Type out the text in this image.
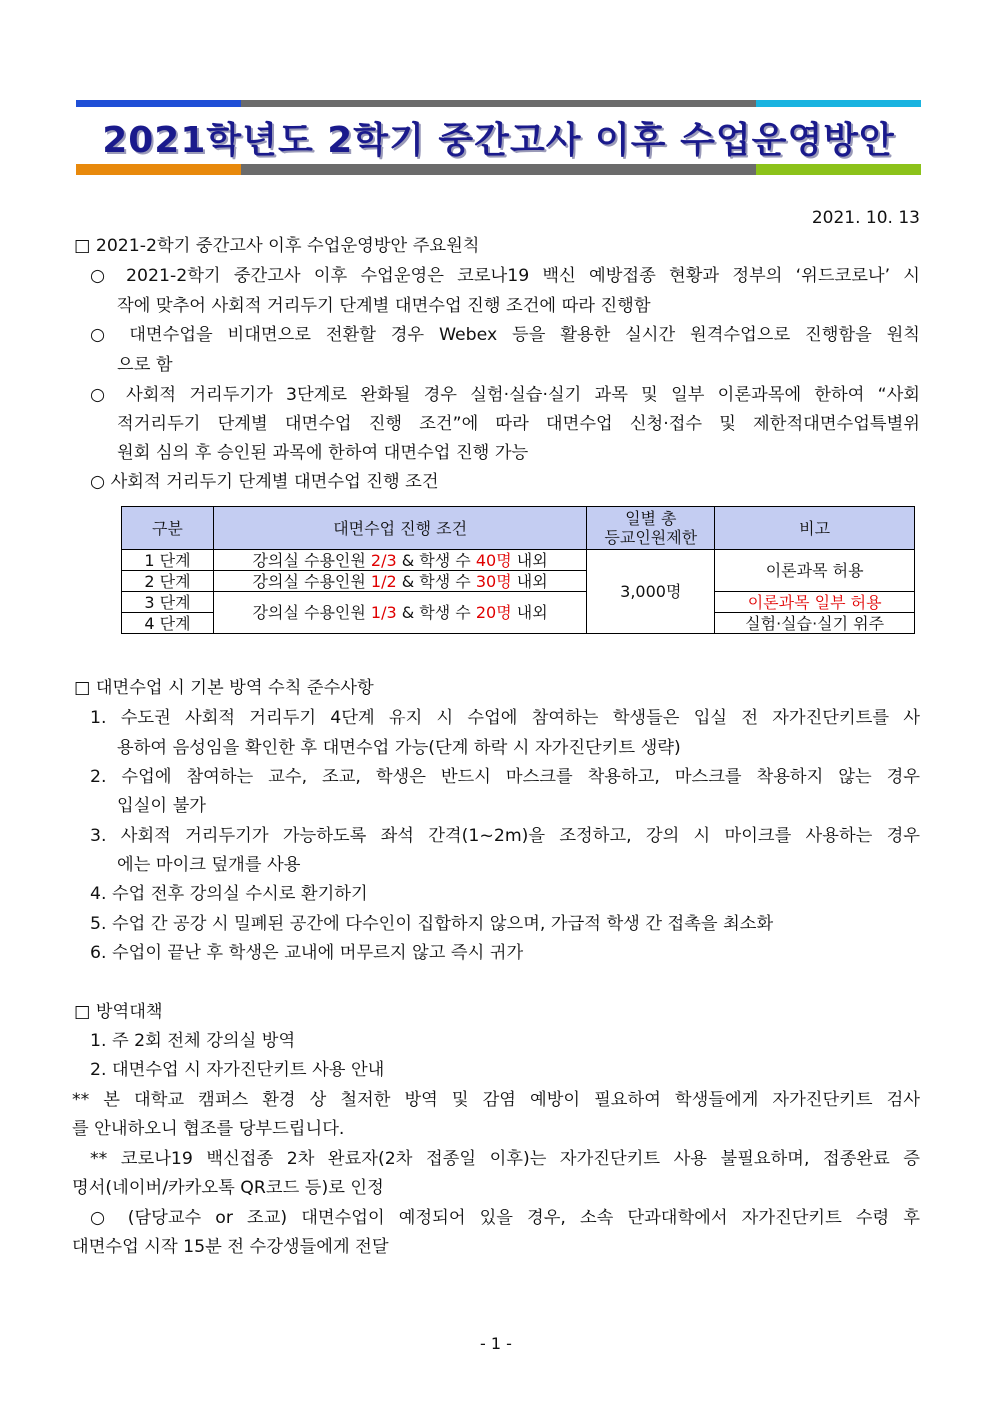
2021학년도 2학기 중간고사 이후 수업운영방안
2021. 10. 13
□ 2021-2학기 중간고사 이후 수업운영방안 주요원칙
○ 2021-2학기 중간고사 이후 수업운영은 코로나19 백신 예방접종 현황과 정부의 ‘위드코로나’ 시
작에 맞추어 사회적 거리두기 단계별 대면수업 진행 조건에 따라 진행함
○ 대면수업을 비대면으로 전환할 경우 Webex 등을 활용한 실시간 원격수업으로 진행함을 원칙
으로 함
○ 사회적 거리두기가 3단계로 완화될 경우 실험·실습·실기 과목 및 일부 이론과목에 한하여 “사회
적거리두기 단계별 대면수업 진행 조건”에 따라 대면수업 신청·접수 및 제한적대면수업특별위
원회 심의 후 승인된 과목에 한하여 대면수업 진행 가능
○ 사회적 거리두기 단계별 대면수업 진행 조건
구분	대면수업 진행 조건	일별 총
등교인원제한	비고
1 단계	강의실 수용인원 2/3 & 학생 수 40명 내외	3,000명	이론과목 허용
2 단계	강의실 수용인원 1/2 & 학생 수 30명 내외		
3 단계	강의실 수용인원 1/3 & 학생 수 20명 내외		이론과목 일부 허용
4 단계			실험·실습·실기 위주
□ 대면수업 시 기본 방역 수칙 준수사항
1. 수도권 사회적 거리두기 4단계 유지 시 수업에 참여하는 학생들은 입실 전 자가진단키트를 사
용하여 음성임을 확인한 후 대면수업 가능(단계 하락 시 자가진단키트 생략)
2. 수업에 참여하는 교수, 조교, 학생은 반드시 마스크를 착용하고, 마스크를 착용하지 않는 경우
입실이 불가
3. 사회적 거리두기가 가능하도록 좌석 간격(1~2m)을 조정하고, 강의 시 마이크를 사용하는 경우
에는 마이크 덮개를 사용
4. 수업 전후 강의실 수시로 환기하기
5. 수업 간 공강 시 밀폐된 공간에 다수인이 집합하지 않으며, 가급적 학생 간 접촉을 최소화
6. 수업이 끝난 후 학생은 교내에 머무르지 않고 즉시 귀가
□ 방역대책
1. 주 2회 전체 강의실 방역
2. 대면수업 시 자가진단키트 사용 안내
** 본 대학교 캠퍼스 환경 상 철저한 방역 및 감염 예방이 필요하여 학생들에게 자가진단키트 검사
를 안내하오니 협조를 당부드립니다.
** 코로나19 백신접종 2차 완료자(2차 접종일 이후)는 자가진단키트 사용 불필요하며, 접종완료 증
명서(네이버/카카오톡 QR코드 등)로 인정
○ (담당교수 or 조교) 대면수업이 예정되어 있을 경우, 소속 단과대학에서 자가진단키트 수령 후
대면수업 시작 15분 전 수강생들에게 전달
- 1 -
